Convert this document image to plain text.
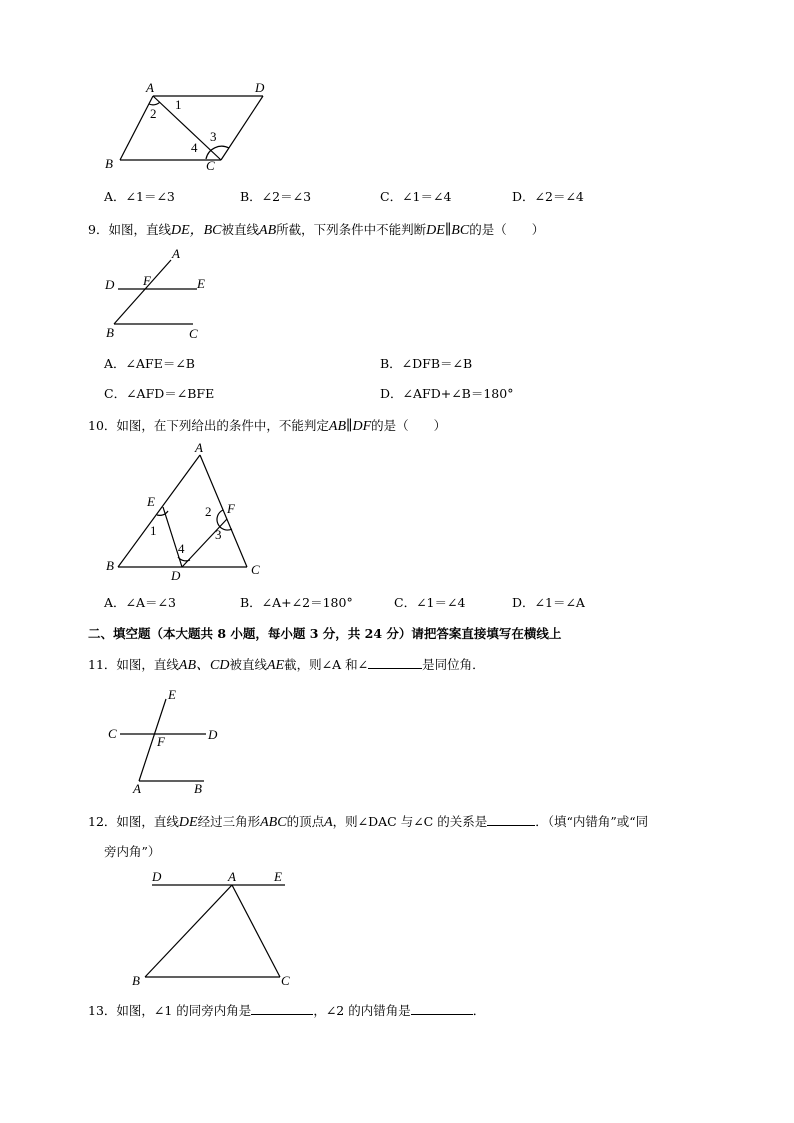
A	D
B	C
1
2
3
4
A．∠1＝∠3	B．∠2＝∠3	C．∠1＝∠4	D．∠2＝∠4
9．如图，直线DE，BC被直线AB所截，下列条件中不能判断DE∥BC的是（　　）
A
D F	E
B	C
A．∠AFE＝∠B	B．∠DFB＝∠B
C．∠AFD＝∠BFE	D．∠AFD+∠B＝180°
10．如图，在下列给出的条件中，不能判定AB∥DF的是（　　）
A
E	F
B
D	C
1
2
3
4
A．∠A＝∠3	B．∠A+∠2＝180°	C．∠1＝∠4	D．∠1＝∠A
二、填空题（本大题共 8 小题，每小题 3 分，共 24 分）请把答案直接填写在横线上
11．如图，直线AB、CD被直线AE截，则∠A 和∠	是同位角．
E
C
F	D
A	B
12．如图，直线DE经过三角形ABC的顶点A，则∠DAC 与∠C 的关系是	．（填“内错角”或“同
旁内角”）
D	A	E
B	C
13．如图，∠1 的同旁内角是	，∠2 的内错角是	．
